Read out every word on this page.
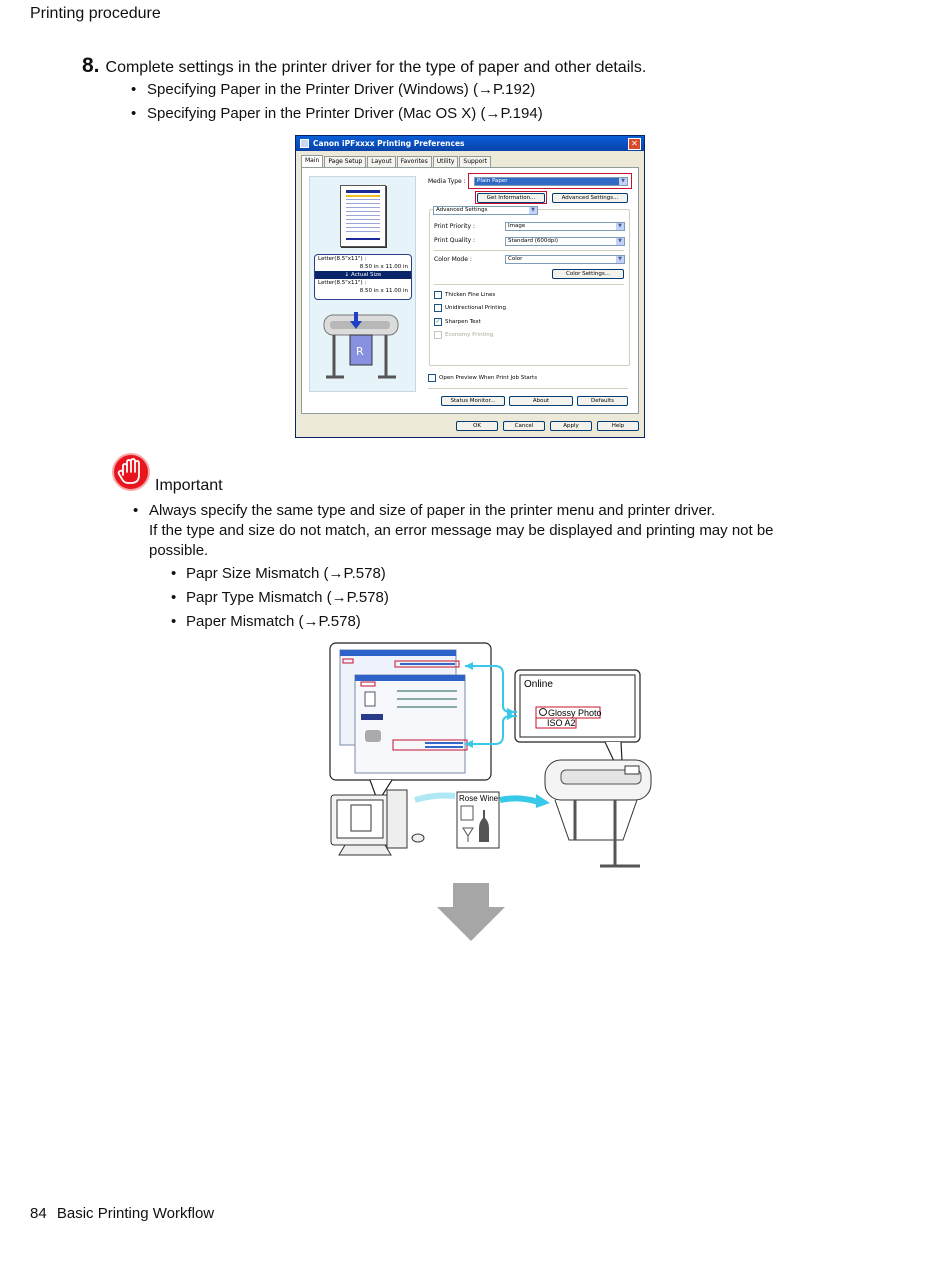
Printing procedure
8. Complete settings in the printer driver for the type of paper and other details.
• Specifying Paper in the Printer Driver (Windows) (→P.192)
• Specifying Paper in the Printer Driver (Mac OS X) (→P.194)
Canon iPFxxxx Printing Preferences	✕
Main	Page Setup	Layout	Favorites	Utility	Support
Letter(8.5"x11") :
8.50 in x 11.00 in
↓ Actual Size
Letter(8.5"x11") :
8.50 in x 11.00 in
R
Media Type :	Plain Paper	▼
Get Information...	Advanced Settings...
Advanced Settings	▼
Print Priority :	Image	▼
Print Quality :	Standard (600dpi)	▼
Color Mode :	Color	▼
Color Settings...
Thicken Fine Lines
Unidirectional Printing
✓ Sharpen Text
Economy Printing
Open Preview When Print Job Starts
Status Monitor...	About	Defaults
OK	Cancel	Apply	Help
Important
• Always specify the same type and size of paper in the printer menu and printer driver.
If the type and size do not match, an error message may be displayed and printing may not be possible.
• Papr Size Mismatch (→P.578)
• Papr Type Mismatch (→P.578)
• Paper Mismatch (→P.578)
Online
Glossy Photo
ISO A2
Rose Wine
84 Basic Printing Workflow
